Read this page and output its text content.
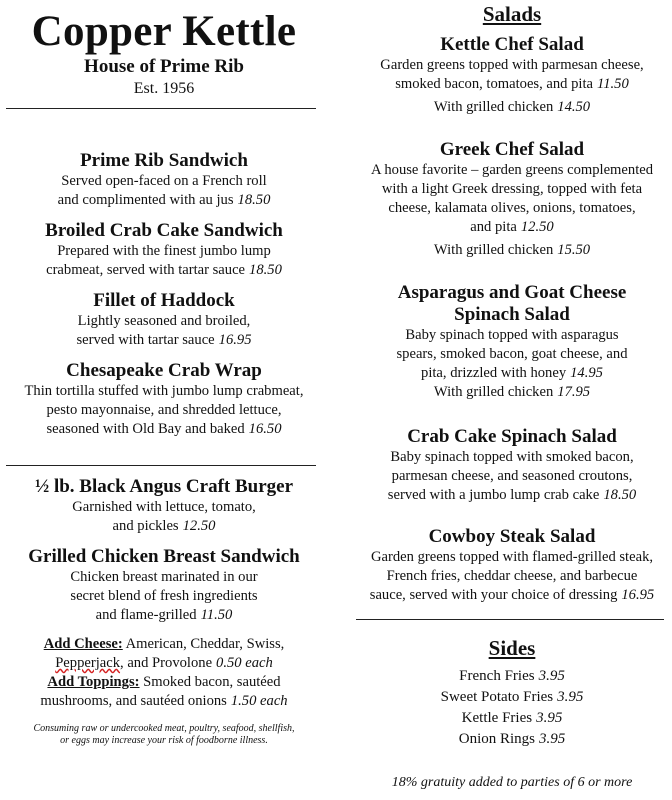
Copper Kettle
House of Prime Rib
Est. 1956
Prime Rib Sandwich
Served open-faced on a French roll
and complimented with au jus 18.50
Broiled Crab Cake Sandwich
Prepared with the finest jumbo lump
crabmeat, served with tartar sauce 18.50
Fillet of Haddock
Lightly seasoned and broiled,
served with tartar sauce 16.95
Chesapeake Crab Wrap
Thin tortilla stuffed with jumbo lump crabmeat,
pesto mayonnaise, and shredded lettuce,
seasoned with Old Bay and baked 16.50
½ lb. Black Angus Craft Burger
Garnished with lettuce, tomato,
and pickles 12.50
Grilled Chicken Breast Sandwich
Chicken breast marinated in our
secret blend of fresh ingredients
and flame-grilled 11.50
Add Cheese: American, Cheddar, Swiss,
Pepperjack, and Provolone 0.50 each
Add Toppings: Smoked bacon, sautéed
mushrooms, and sautéed onions 1.50 each
Consuming raw or undercooked meat, poultry, seafood, shellfish,
or eggs may increase your risk of foodborne illness.
Salads
Kettle Chef Salad
Garden greens topped with parmesan cheese,
smoked bacon, tomatoes, and pita 11.50
With grilled chicken 14.50
Greek Chef Salad
A house favorite – garden greens complemented
with a light Greek dressing, topped with feta
cheese, kalamata olives, onions, tomatoes,
and pita 12.50
With grilled chicken 15.50
Asparagus and Goat Cheese
Spinach Salad
Baby spinach topped with asparagus
spears, smoked bacon, goat cheese, and
pita, drizzled with honey 14.95
With grilled chicken 17.95
Crab Cake Spinach Salad
Baby spinach topped with smoked bacon,
parmesan cheese, and seasoned croutons,
served with a jumbo lump crab cake 18.50
Cowboy Steak Salad
Garden greens topped with flamed-grilled steak,
French fries, cheddar cheese, and barbecue
sauce, served with your choice of dressing 16.95
Sides
French Fries 3.95
Sweet Potato Fries 3.95
Kettle Fries 3.95
Onion Rings 3.95
18% gratuity added to parties of 6 or more
